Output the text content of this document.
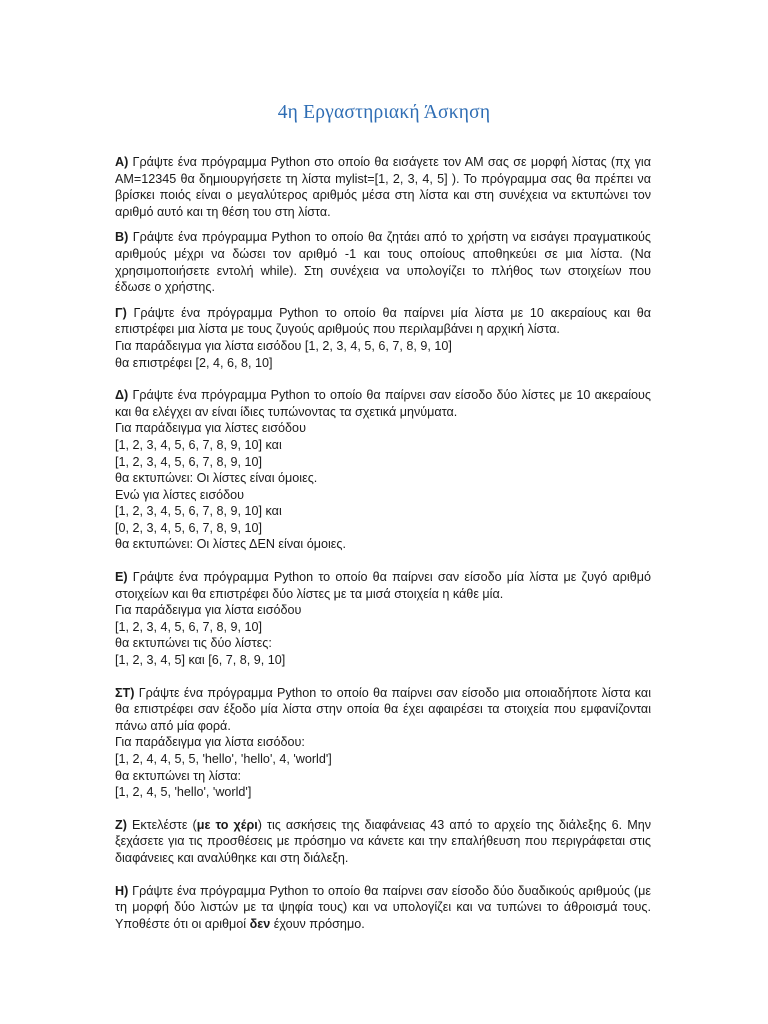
4η Εργαστηριακή Άσκηση

Α) Γράψτε ένα πρόγραμμα Python στο οποίο θα εισάγετε τον ΑΜ σας σε μορφή λίστας (πχ για ΑΜ=12345 θα δημιουργήσετε τη λίστα mylist=[1, 2, 3, 4, 5] ). Το πρόγραμμα σας θα πρέπει να βρίσκει ποιός είναι ο μεγαλύτερος αριθμός μέσα στη λίστα και στη συνέχεια να εκτυπώνει τον αριθμό αυτό και τη θέση του στη λίστα.

Β) Γράψτε ένα πρόγραμμα Python το οποίο θα ζητάει από το χρήστη να εισάγει πραγματικούς αριθμούς μέχρι να δώσει τον αριθμό -1 και τους οποίους αποθηκεύει σε μια λίστα. (Να χρησιμοποιήσετε εντολή while). Στη συνέχεια να υπολογίζει το πλήθος των στοιχείων που έδωσε ο χρήστης.

Γ) Γράψτε ένα πρόγραμμα Python το οποίο θα παίρνει μία λίστα με 10 ακεραίους και θα επιστρέφει μια λίστα με τους ζυγούς αριθμούς που περιλαμβάνει η αρχική λίστα.

Για παράδειγμα για λίστα εισόδου [1, 2, 3, 4, 5, 6, 7, 8, 9, 10]

θα επιστρέφει [2, 4, 6, 8, 10]

Δ) Γράψτε ένα πρόγραμμα Python το οποίο θα παίρνει σαν είσοδο δύο λίστες με 10 ακεραίους και θα ελέγχει αν είναι ίδιες τυπώνοντας τα σχετικά μηνύματα.

Για παράδειγμα για λίστες εισόδου

[1, 2, 3, 4, 5, 6, 7, 8, 9, 10] και

[1, 2, 3, 4, 5, 6, 7, 8, 9, 10]

θα εκτυπώνει: Οι λίστες είναι όμοιες.

Ενώ για λίστες εισόδου

[1, 2, 3, 4, 5, 6, 7, 8, 9, 10] και

[0, 2, 3, 4, 5, 6, 7, 8, 9, 10]

θα εκτυπώνει: Οι λίστες ΔΕΝ είναι όμοιες.

Ε) Γράψτε ένα πρόγραμμα Python το οποίο θα παίρνει σαν είσοδο μία λίστα με ζυγό αριθμό στοιχείων και θα επιστρέφει δύο λίστες με τα μισά στοιχεία η κάθε μία.

Για παράδειγμα για λίστα εισόδου

[1, 2, 3, 4, 5, 6, 7, 8, 9, 10]

θα εκτυπώνει τις δύο λίστες:

[1, 2, 3, 4, 5] και [6, 7, 8, 9, 10]

ΣΤ) Γράψτε ένα πρόγραμμα Python το οποίο θα παίρνει σαν είσοδο μια οποιαδήποτε λίστα και θα επιστρέφει σαν έξοδο μία λίστα στην οποία θα έχει αφαιρέσει τα στοιχεία που εμφανίζονται πάνω από μία φορά.

Για παράδειγμα για λίστα εισόδου:

[1, 2, 4, 4, 5, 5, 'hello', 'hello', 4, 'world']

θα εκτυπώνει τη λίστα:

[1, 2, 4, 5, 'hello', 'world']

Ζ) Εκτελέστε (με το χέρι) τις ασκήσεις της διαφάνειας 43 από το αρχείο της διάλεξης 6. Μην ξεχάσετε για τις προσθέσεις με πρόσημο να κάνετε και την επαλήθευση που περιγράφεται στις διαφάνειες και αναλύθηκε και στη διάλεξη.

Η) Γράψτε ένα πρόγραμμα Python το οποίο θα παίρνει σαν είσοδο δύο δυαδικούς αριθμούς (με τη μορφή δύο λιστών με τα ψηφία τους) και να υπολογίζει και να τυπώνει το άθροισμά τους. Υποθέστε ότι οι αριθμοί δεν έχουν πρόσημο.
